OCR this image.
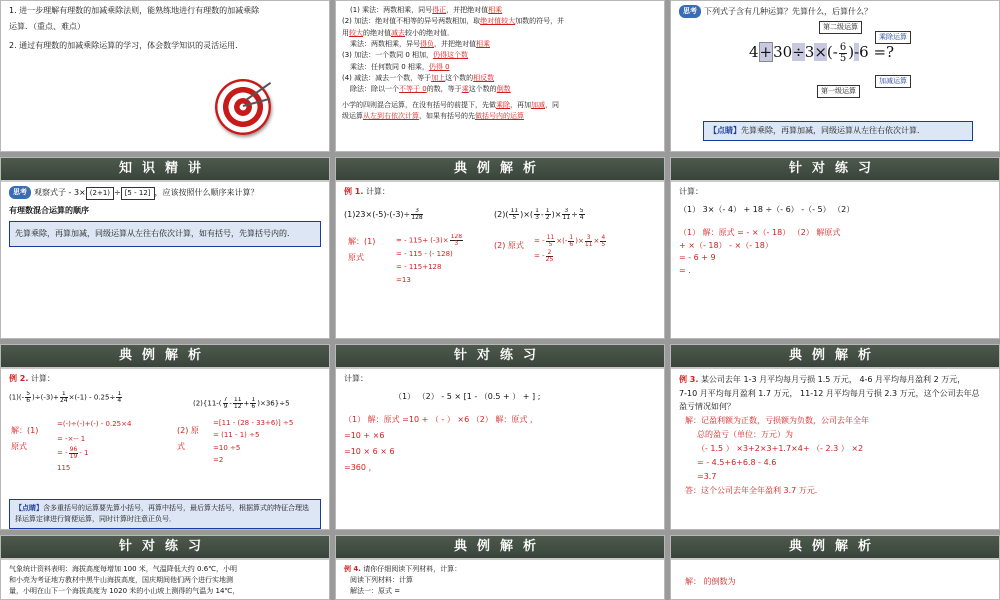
1. 进一步理解有理数的加减乘除法则，能熟练地进行有理数的加减乘除
运算．（重点、难点）
2. 通过有理数的加减乘除运算的学习，体会数学知识的灵活运用．
(1) 乘法：两数相乘，同号得正，并把绝对值相乘
(2) 加法：绝对值不相等的异号两数相加，取绝对值较大加数的符号，并
用较大的绝对值减去较小的绝对值．
乘法：两数相乘，异号得负，并把绝对值相乘
(3) 加法：一个数同 0 相加，仍得这个数
乘法：任何数同 0 相乘，仍得 0
(4) 减法：减去一个数，等于加上这个数的相反数
除法：除以一个不等于 0的数，等于乘这个数的倒数
小学的四则混合运算，在没有括号的前提下，先做乘除，再加加减，同
级运算从左到右依次计算，如果有括号的先做括号内的运算
思考 下列式子含有几种运算？先算什么，后算什么？
第二级运算
乘除运算
$4+30\div 3\times(- \frac{6}{5} )-6$ =?
第一级运算
加减运算
【点睛】先算乘除，再算加减，同级运算从左往右依次计算．
知识精讲
思考 观察式子 - 3× (2+1) ÷ [5 - 12] ，应该按照什么顺序来计算？
有理数混合运算的顺序
先算乘除，再算加减，同级运算从左往右依次计算，如有括号，先算括号内的．
典例解析
例 1. 计算：
$(1)23\times(-5)-(-3)\div \frac{3}{128}$	$(2)( \frac{11}{5}$ )×( $\frac{1}{3} - \frac{1}{2}$ )× $\frac{3}{11} \div \frac{5}{4}$
解：(1) 原式
= - $115+ (-3)\times \frac{128}{3}$
= - 115 - (- 128)
= - 115+128
=13
(2) 原式	= - $\frac{11}{5}$ ×(- $\frac{1}{6}$ )× $\frac{3}{11} \times \frac{4}{5}$
= - $\frac{2}{25}$
针对练习
计算：
（1） 3×（- 4） + 18 ÷（- 6） -（- 5） （2）
（1） 解：原式 = - ×（- 18） （2） 解原式
+ ×（- 18） - ×（- 18）
= - 6 + 9
= .
典例解析
例 2. 计算：
$(1)(- \frac{5}{6} )\div(-3)+ \frac{1}{24} \times(-1) - 0.25\div \frac{1}{4}$	$(2)\{11-( \frac{7}{9} - \frac{11}{12} + \frac{1}{6} )\times 36\}\div 5$
解：(1) 原式
=(-)÷(-)+(-) - 0.25×4
= -×-- 1
= - $\frac{96}{19} - 1$
115
(2) 原式
=[11 - (28 - 33+6)] ÷5
= (11 - 1) ÷5
=10 ÷5
=2
【点睛】含多重括号的运算要先算小括号，再算中括号，最后算大括号，根据算式的特征合理选择运算定律进行简便运算，同时计算时注意正负号．
针对练习
计算：
（1） （2） - 5 × [1 - （0.5 + ） + ] ;
（1） 解：原式 =10 + （ - ） ×6 （2） 解：原式 ，
=10 + ×6
=10 × 6 × 6
=360 ，
典例解析
例 3. 某公司去年 1-3 月平均每月亏损 1.5 万元， 4-6 月平均每月盈利 2 万元，
7-10 月平均每月盈利 1.7 万元， 11-12 月平均每月亏损 2.3 万元，这个公司去年总
盈亏情况如何？
解：记盈利额为正数，亏损额为负数，公司去年全年
总的盈亏（单位：万元）为
（- 1.5 ） ×3+2×3+1.7×4+ （- 2.3 ） ×2
= - 4.5+6+6.8 - 4.6
=3.7
答：这个公司去年全年盈利 3.7 万元．
针对练习
气象统计资料表明：海拔高度每增加 100 米，气温降低大约 0.6℃，小明
和小亮为考证地方教材中黑牛山海拔高度，国庆期间他们两个进行实地测
量，小明在山下一个海拔高度为 1020 米的小山坡上测得的气温为 14℃，
典例解析
例 4. 请你仔细阅读下列材料，计算：
阅读下列材料：计算
解法一：原式 =
典例解析
解： 的倒数为
